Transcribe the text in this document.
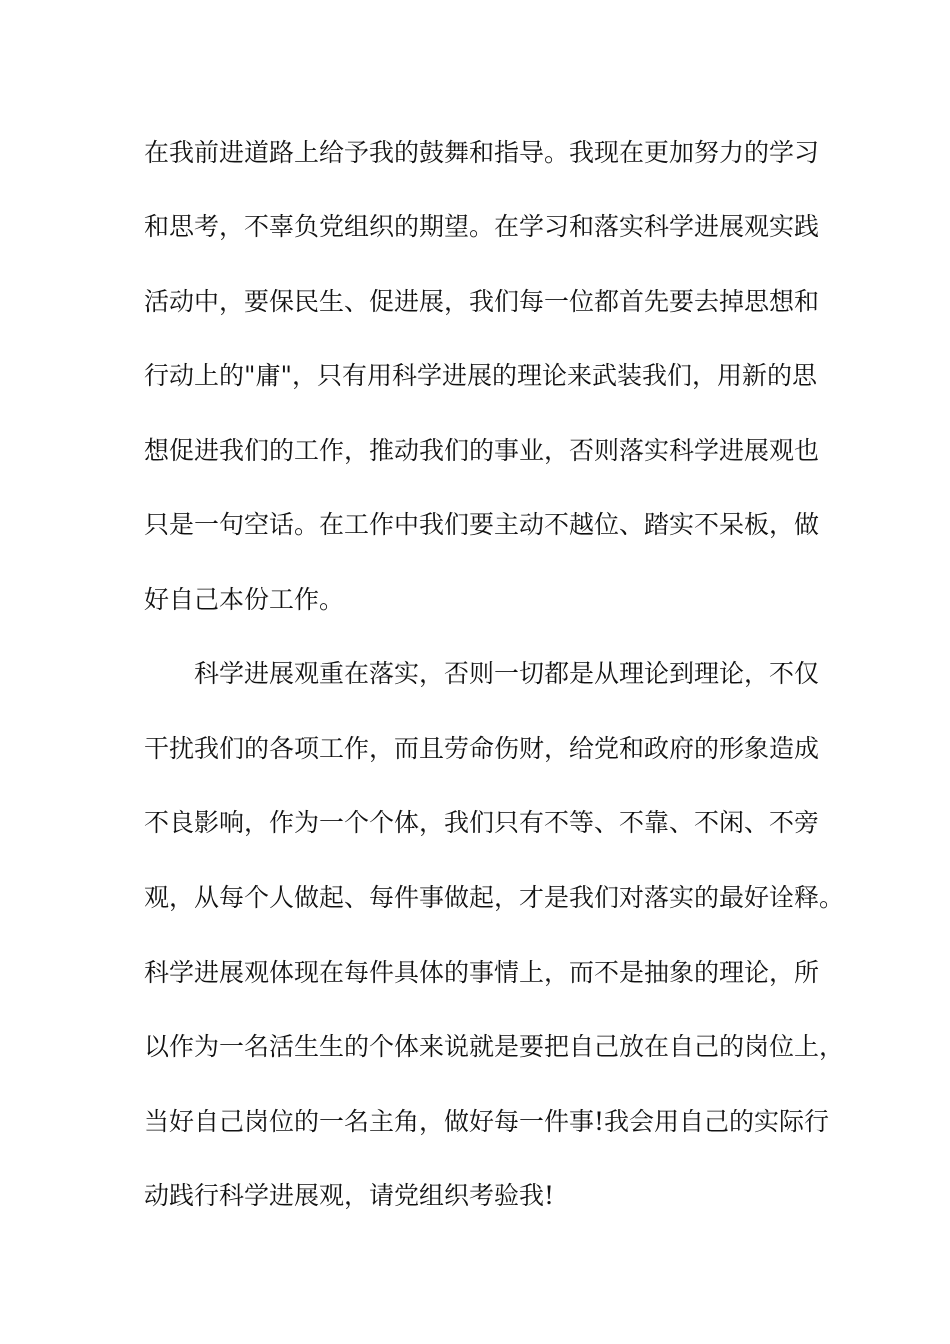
在我前进道路上给予我的鼓舞和指导。我现在更加努力的学习
和思考，不辜负党组织的期望。在学习和落实科学进展观实践
活动中，要保民生、促进展，我们每一位都首先要去掉思想和
行动上的"庸"，只有用科学进展的理论来武装我们，用新的思
想促进我们的工作，推动我们的事业，否则落实科学进展观也
只是一句空话。在工作中我们要主动不越位、踏实不呆板，做
好自己本份工作。
科学进展观重在落实，否则一切都是从理论到理论，不仅
干扰我们的各项工作，而且劳命伤财，给党和政府的形象造成
不良影响，作为一个个体，我们只有不等、不靠、不闲、不旁
观，从每个人做起、每件事做起，才是我们对落实的最好诠释。
科学进展观体现在每件具体的事情上，而不是抽象的理论，所
以作为一名活生生的个体来说就是要把自己放在自己的岗位上，
当好自己岗位的一名主角，做好每一件事!我会用自己的实际行
动践行科学进展观，请党组织考验我!
